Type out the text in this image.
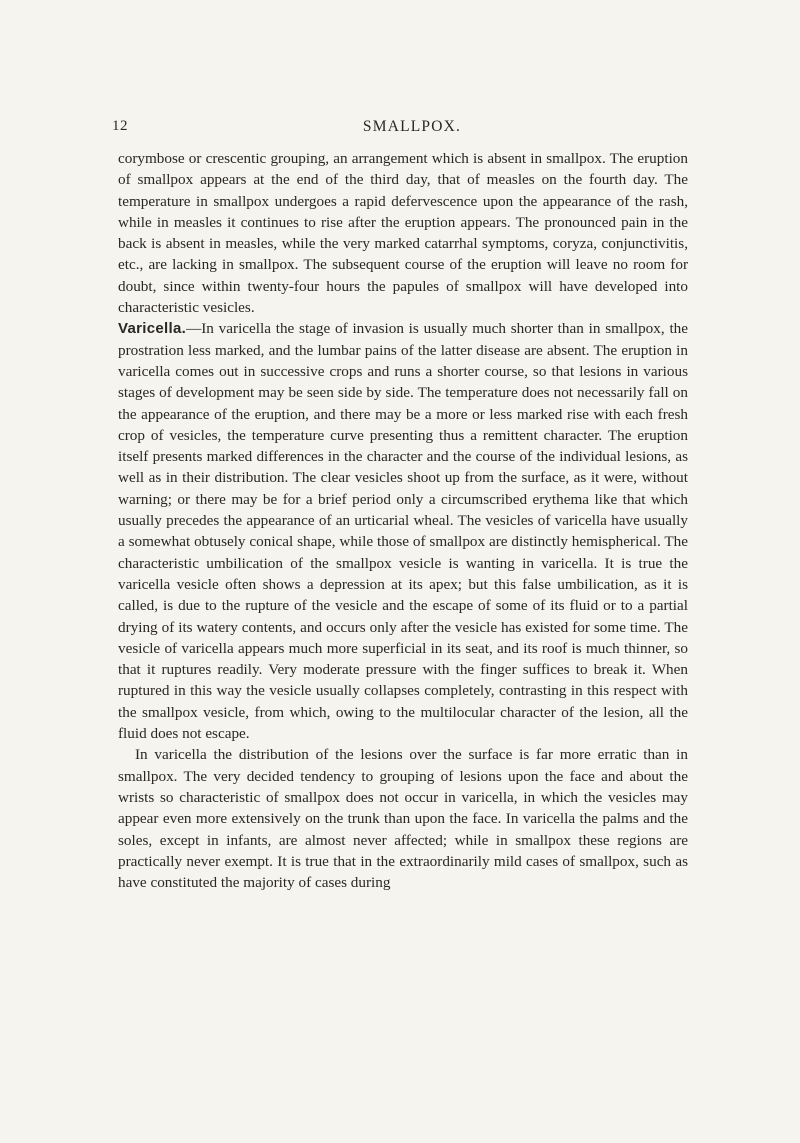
12	SMALLPOX.

corymbose or crescentic grouping, an arrangement which is absent in smallpox. The eruption of smallpox appears at the end of the third day, that of measles on the fourth day. The temperature in smallpox undergoes a rapid defervescence upon the appearance of the rash, while in measles it continues to rise after the eruption appears. The pronounced pain in the back is absent in measles, while the very marked catarrhal symptoms, coryza, conjunctivitis, etc., are lacking in smallpox. The subsequent course of the eruption will leave no room for doubt, since within twenty-four hours the papules of smallpox will have developed into characteristic vesicles.

Varicella.—In varicella the stage of invasion is usually much shorter than in smallpox, the prostration less marked, and the lumbar pains of the latter disease are absent. The eruption in varicella comes out in successive crops and runs a shorter course, so that lesions in various stages of development may be seen side by side. The temperature does not necessarily fall on the appearance of the eruption, and there may be a more or less marked rise with each fresh crop of vesicles, the temperature curve presenting thus a remittent character. The eruption itself presents marked differences in the character and the course of the individual lesions, as well as in their distribution. The clear vesicles shoot up from the surface, as it were, without warning; or there may be for a brief period only a circumscribed erythema like that which usually precedes the appearance of an urticarial wheal. The vesicles of varicella have usually a somewhat obtusely conical shape, while those of smallpox are distinctly hemispherical. The characteristic umbilication of the smallpox vesicle is wanting in varicella. It is true the varicella vesicle often shows a depression at its apex; but this false umbilication, as it is called, is due to the rupture of the vesicle and the escape of some of its fluid or to a partial drying of its watery contents, and occurs only after the vesicle has existed for some time. The vesicle of varicella appears much more superficial in its seat, and its roof is much thinner, so that it ruptures readily. Very moderate pressure with the finger suffices to break it. When ruptured in this way the vesicle usually collapses completely, contrasting in this respect with the smallpox vesicle, from which, owing to the multilocular character of the lesion, all the fluid does not escape.

In varicella the distribution of the lesions over the surface is far more erratic than in smallpox. The very decided tendency to grouping of lesions upon the face and about the wrists so characteristic of smallpox does not occur in varicella, in which the vesicles may appear even more extensively on the trunk than upon the face. In varicella the palms and the soles, except in infants, are almost never affected; while in smallpox these regions are practically never exempt. It is true that in the extraordinarily mild cases of smallpox, such as have constituted the majority of cases during
